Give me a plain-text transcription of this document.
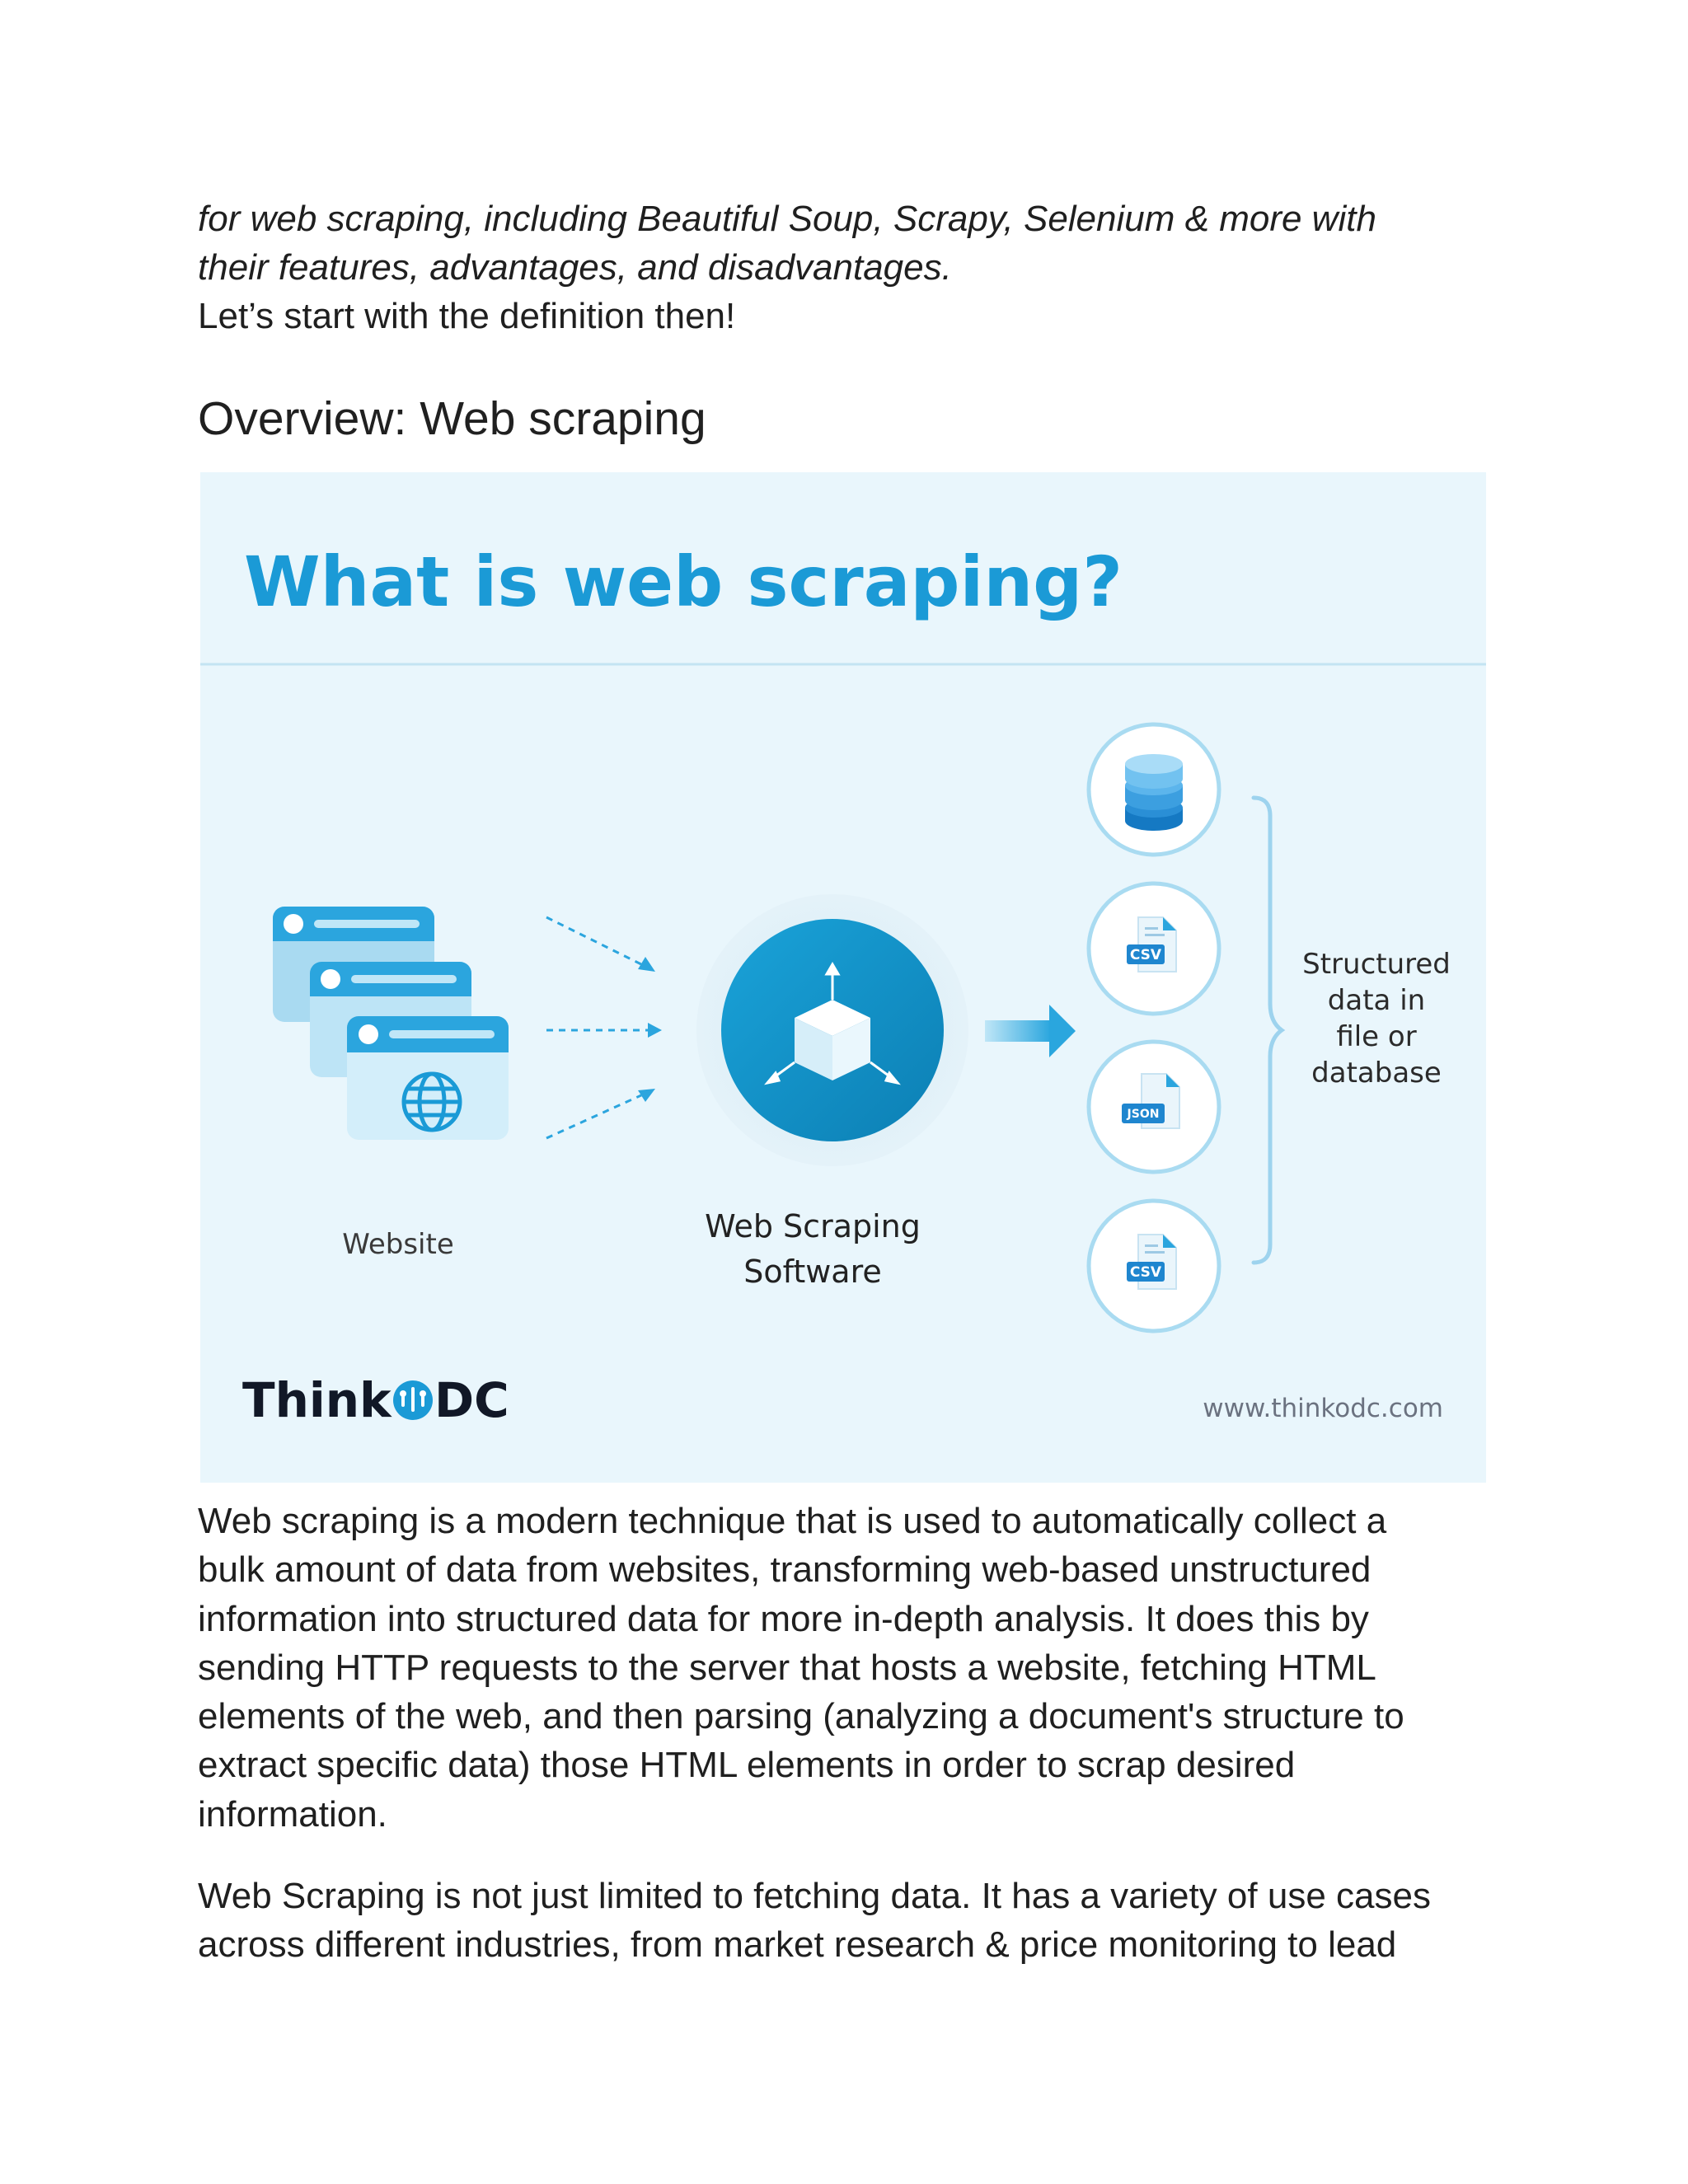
for web scraping, including Beautiful Soup, Scrapy, Selenium & more with
their features, advantages, and disadvantages.
Let’s start with the definition then!
Overview: Web scraping
What is web scraping?
Website	Web Scraping
Software
CSV
JSON
CSV
Structured
data in
file or
database
Think DC	www.thinkodc.com

Web scraping is a modern technique that is used to automatically collect a
bulk amount of data from websites, transforming web-based unstructured
information into structured data for more in-depth analysis. It does this by
sending HTTP requests to the server that hosts a website, fetching HTML
elements of the web, and then parsing (analyzing a document's structure to
extract specific data) those HTML elements in order to scrap desired
information.

Web Scraping is not just limited to fetching data. It has a variety of use cases
across different industries, from market research & price monitoring to lead
